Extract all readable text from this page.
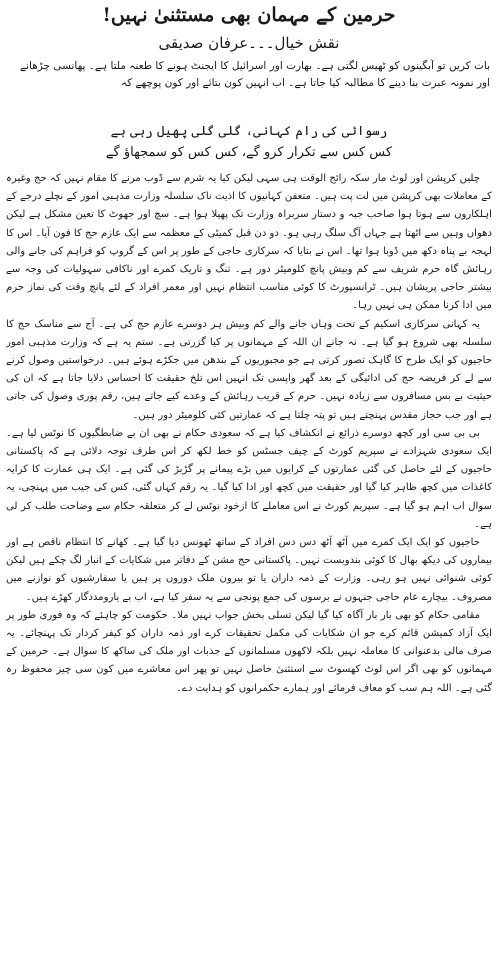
حرمین کے مہمان بھی مستثنیٰ نہیں!
نقش خیال۔۔۔عرفان صدیقی
بات کریں تو آبگینوں کو ٹھیس لگتی ہے۔ بھارت اور اسرائیل کا ایجنٹ ہونے کا طعنہ ملتا ہے۔ پھانسی چڑھانے اور نمونہ عبرت بنا دینے کا مطالبہ کیا جاتا ہے۔ اب انہیں کون بتائے اور کون پوچھے کہ
رسوائی کی رام کہانی، گلی گلی پھیل رہی ہے
کس کس سے تکرار کرو گے، کس کس کو سمجھاؤ گے

چلیں کرپشن اور لوٹ مار سکہ رائج الوقت ہی سہی لیکن کیا یہ شرم سے ڈوب مرنے کا مقام نہیں کہ حج وغیرہ کے معاملات بھی کرپشن میں لت پت ہیں۔ متعفن کہانیوں کا اذیت ناک سلسلہ وزارت مذہبی امور کے نچلے درجے کے اہلکاروں سے ہوتا ہوا صاحب جبہ و دستار سربراہ وزارت تک پھیلا ہوا ہے۔ سچ اور جھوٹ کا تعین مشکل ہے لیکن دھواں وہیں سے اٹھتا ہے جہاں آگ سلگ رہی ہو۔ دو دن قبل کمیٹی کے معظمہ سے ایک عازم حج کا فون آیا۔ اس کا لہجہ بے پناہ دکھ میں ڈوبا ہوا تھا۔ اس نے بتایا کہ سرکاری حاجی کے طور پر اس کے گروپ کو فراہم کی جانے والی رہائش گاہ حرم شریف سے کم وبیش پانچ کلومیٹر دور ہے۔ تنگ و تاریک کمرے اور ناکافی سہولیات کی وجہ سے بیشتر حاجی پریشان ہیں۔ ٹرانسپورٹ کا کوئی مناسب انتظام نہیں اور معمر افراد کے لئے پانچ وقت کی نماز حرم میں ادا کرنا ممکن ہی نہیں رہا۔

یہ کہانی سرکاری اسکیم کے تحت وہاں جانے والے کم وبیش ہر دوسرے عازم حج کی ہے۔ آج سے مناسک حج کا سلسلہ بھی شروع ہو گیا ہے۔ نہ جانے ان اللہ کے مہمانوں پر کیا گزرتی ہے۔ ستم یہ ہے کہ وزارت مذہبی امور حاجیوں کو ایک طرح کا گاہک تصور کرتی ہے جو مجبوریوں کے بندھن میں جکڑے ہوئے ہیں۔ درخواستیں وصول کرنے سے لے کر فریضہ حج کی ادائیگی کے بعد گھر واپسی تک انہیں اس تلخ حقیقت کا احساس دلایا جاتا ہے کہ ان کی حیثیت بے بس مسافروں سے زیادہ نہیں۔ حرم کے قریب رہائش کے وعدے کیے جاتے ہیں، رقم پوری وصول کی جاتی ہے اور جب حجاز مقدس پہنچتے ہیں تو پتہ چلتا ہے کہ عمارتیں کئی کلومیٹر دور ہیں۔

بی بی سی اور کچھ دوسرے ذرائع نے انکشاف کیا ہے کہ سعودی حکام نے بھی ان بے ضابطگیوں کا نوٹس لیا ہے۔ ایک سعودی شہزادے نے سپریم کورٹ کے چیف جسٹس کو خط لکھ کر اس طرف توجہ دلائی ہے کہ پاکستانی حاجیوں کے لئے حاصل کی گئی عمارتوں کے کرایوں میں بڑے پیمانے پر گڑبڑ کی گئی ہے۔ ایک ہی عمارت کا کرایہ کاغذات میں کچھ ظاہر کیا گیا اور حقیقت میں کچھ اور ادا کیا گیا۔ یہ رقم کہاں گئی، کس کی جیب میں پہنچی، یہ سوال اب اہم ہو گیا ہے۔ سپریم کورٹ نے اس معاملے کا ازخود نوٹس لے کر متعلقہ حکام سے وضاحت طلب کر لی ہے۔

حاجیوں کو ایک ایک کمرے میں آٹھ آٹھ دس دس افراد کے ساتھ ٹھونس دیا گیا ہے۔ کھانے کا انتظام ناقص ہے اور بیماروں کی دیکھ بھال کا کوئی بندوبست نہیں۔ پاکستانی حج مشن کے دفاتر میں شکایات کے انبار لگ چکے ہیں لیکن کوئی شنوائی نہیں ہو رہی۔ وزارت کے ذمہ داران یا تو بیرون ملک دوروں پر ہیں یا سفارشیوں کو نوازنے میں مصروف۔ بیچارے عام حاجی جنہوں نے برسوں کی جمع پونجی سے یہ سفر کیا ہے، اب بے یارومددگار کھڑے ہیں۔

مقامی حکام کو بھی بار بار آگاہ کیا گیا لیکن تسلی بخش جواب نہیں ملا۔ حکومت کو چاہئے کہ وہ فوری طور پر ایک آزاد کمیشن قائم کرے جو ان شکایات کی مکمل تحقیقات کرے اور ذمہ داران کو کیفر کردار تک پہنچائے۔ یہ صرف مالی بدعنوانی کا معاملہ نہیں بلکہ لاکھوں مسلمانوں کے جذبات اور ملک کی ساکھ کا سوال ہے۔ حرمین کے مہمانوں کو بھی اگر اس لوٹ کھسوٹ سے استثنیٰ حاصل نہیں تو پھر اس معاشرے میں کون سی چیز محفوظ رہ گئی ہے۔ اللہ ہم سب کو معاف فرمائے اور ہمارے حکمرانوں کو ہدایت دے۔
